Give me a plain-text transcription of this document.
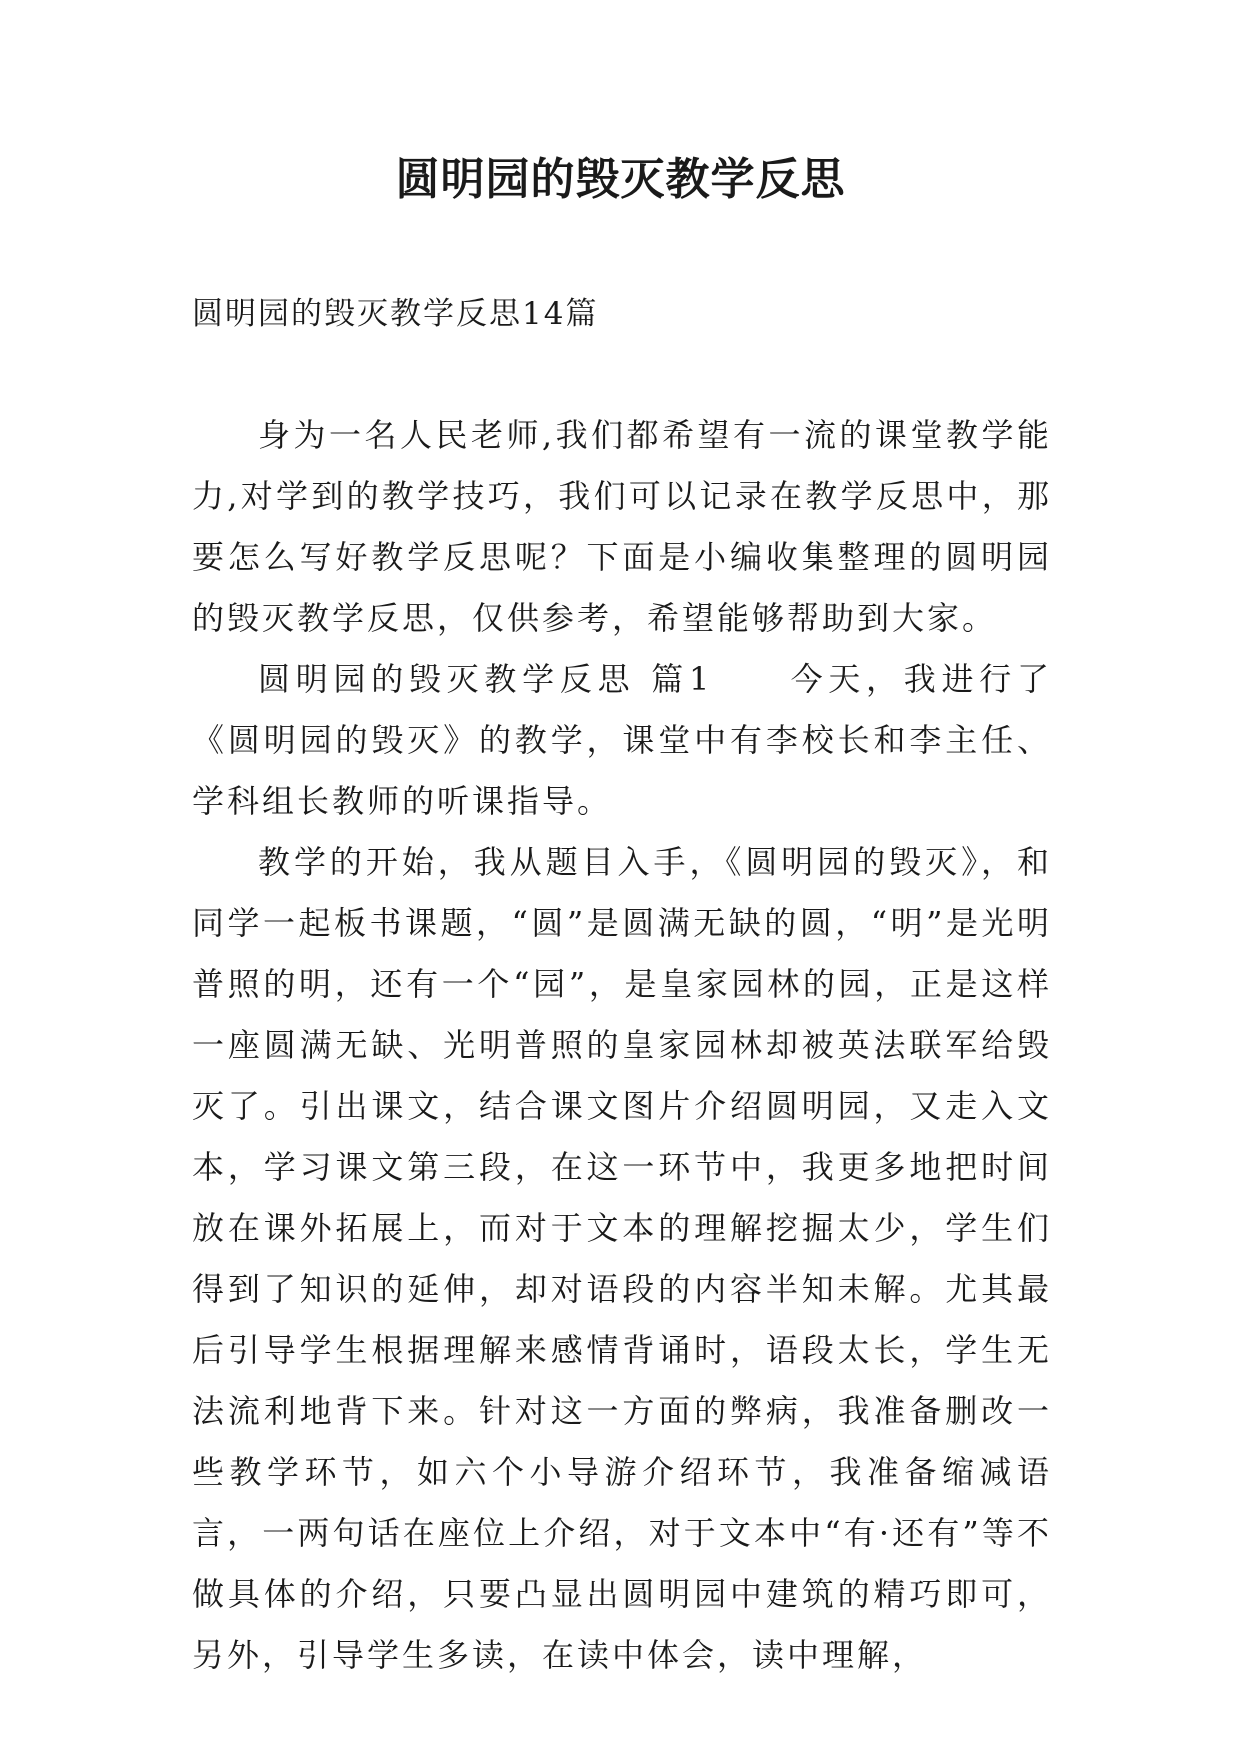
圆明园的毁灭教学反思
圆明园的毁灭教学反思14篇

身为一名人民老师,我们都希望有一流的课堂教学能力,对学到的教学技巧，我们可以记录在教学反思中，那要怎么写好教学反思呢？下面是小编收集整理的圆明园的毁灭教学反思，仅供参考，希望能够帮助到大家。

圆明园的毁灭教学反思 篇1　　今天，我进行了《圆明园的毁灭》的教学，课堂中有李校长和李主任、学科组长教师的听课指导。

教学的开始，我从题目入手，《圆明园的毁灭》，和同学一起板书课题，“圆”是圆满无缺的圆，“明”是光明普照的明，还有一个“园”，是皇家园林的园，正是这样一座圆满无缺、光明普照的皇家园林却被英法联军给毁灭了。引出课文，结合课文图片介绍圆明园，又走入文本，学习课文第三段，在这一环节中，我更多地把时间放在课外拓展上，而对于文本的理解挖掘太少，学生们得到了知识的延伸，却对语段的内容半知未解。尤其最后引导学生根据理解来感情背诵时，语段太长，学生无法流利地背下来。针对这一方面的弊病，我准备删改一些教学环节，如六个小导游介绍环节，我准备缩减语言，一两句话在座位上介绍，对于文本中“有·还有”等不做具体的介绍，只要凸显出圆明园中建筑的精巧即可，另外，引导学生多读，在读中体会，读中理解，
